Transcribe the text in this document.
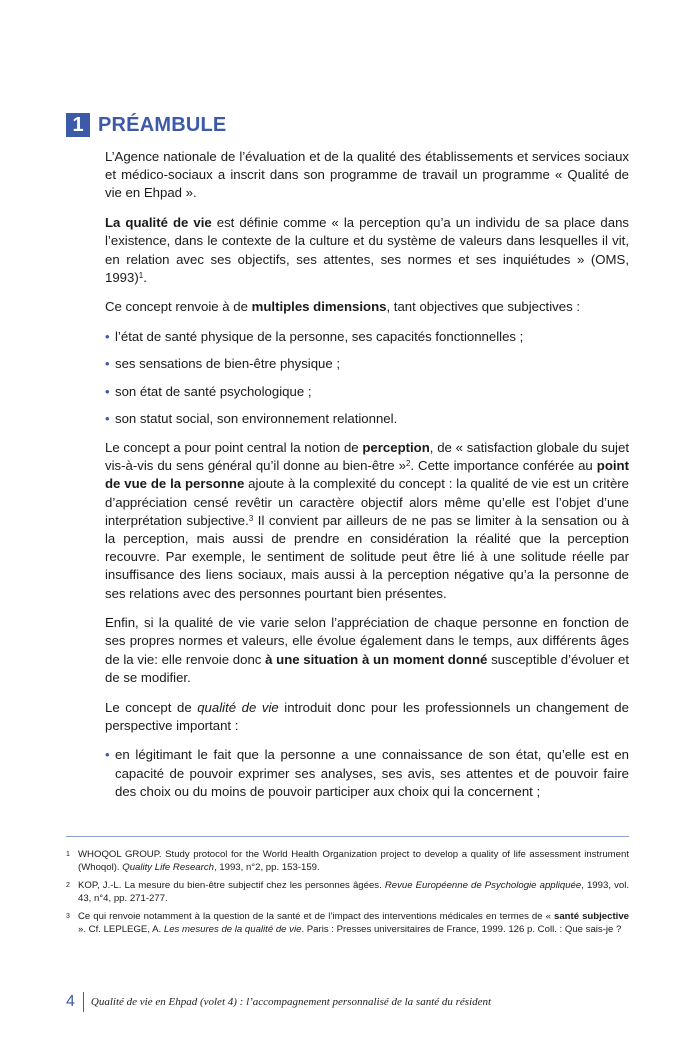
1 PRÉAMBULE

L’Agence nationale de l’évaluation et de la qualité des établissements et services sociaux et médico-sociaux a inscrit dans son programme de travail un programme « Qualité de vie en Ehpad ».

La qualité de vie est définie comme « la perception qu’a un individu de sa place dans l’existence, dans le contexte de la culture et du système de valeurs dans lesquelles il vit, en relation avec ses objectifs, ses attentes, ses normes et ses inquiétudes » (OMS, 1993)$^1$.

Ce concept renvoie à de multiples dimensions, tant objectives que subjectives :

• l’état de santé physique de la personne, ses capacités fonctionnelles ;
• ses sensations de bien-être physique ;
• son état de santé psychologique ;
• son statut social, son environnement relationnel.

Le concept a pour point central la notion de perception, de « satisfaction globale du sujet vis-à-vis du sens général qu’il donne au bien-être »$^2$. Cette importance conférée au point de vue de la personne ajoute à la complexité du concept : la qualité de vie est un critère d’appréciation censé revêtir un caractère objectif alors même qu’elle est l’objet d’une interprétation subjective.$^3$ Il convient par ailleurs de ne pas se limiter à la sensation ou à la perception, mais aussi de prendre en considération la réalité que la perception recouvre. Par exemple, le sentiment de solitude peut être lié à une solitude réelle par insuffisance des liens sociaux, mais aussi à la perception négative qu’a la personne de ses relations avec des personnes pourtant bien présentes.

Enfin, si la qualité de vie varie selon l’appréciation de chaque personne en fonction de ses propres normes et valeurs, elle évolue également dans le temps, aux différents âges de la vie: elle renvoie donc à une situation à un moment donné susceptible d’évoluer et de se modifier.

Le concept de qualité de vie introduit donc pour les professionnels un changement de perspective important :

• en légitimant le fait que la personne a une connaissance de son état, qu’elle est en capacité de pouvoir exprimer ses analyses, ses avis, ses attentes et de pouvoir faire des choix ou du moins de pouvoir participer aux choix qui la concernent ;
1 WHOQOL GROUP. Study protocol for the World Health Organization project to develop a quality of life assessment instrument (Whoqol). Quality Life Research, 1993, n°2, pp. 153-159.
2 KOP, J.-L. La mesure du bien-être subjectif chez les personnes âgées. Revue Européenne de Psychologie appliquée, 1993, vol. 43, n°4, pp. 271-277.
3 Ce qui renvoie notamment à la question de la santé et de l’impact des interventions médicales en termes de « santé subjective ». Cf. LEPLEGE, A. Les mesures de la qualité de vie. Paris : Presses universitaires de France, 1999. 126 p. Coll. : Que sais-je ?
4 Qualité de vie en Ehpad (volet 4) : l’accompagnement personnalisé de la santé du résident
